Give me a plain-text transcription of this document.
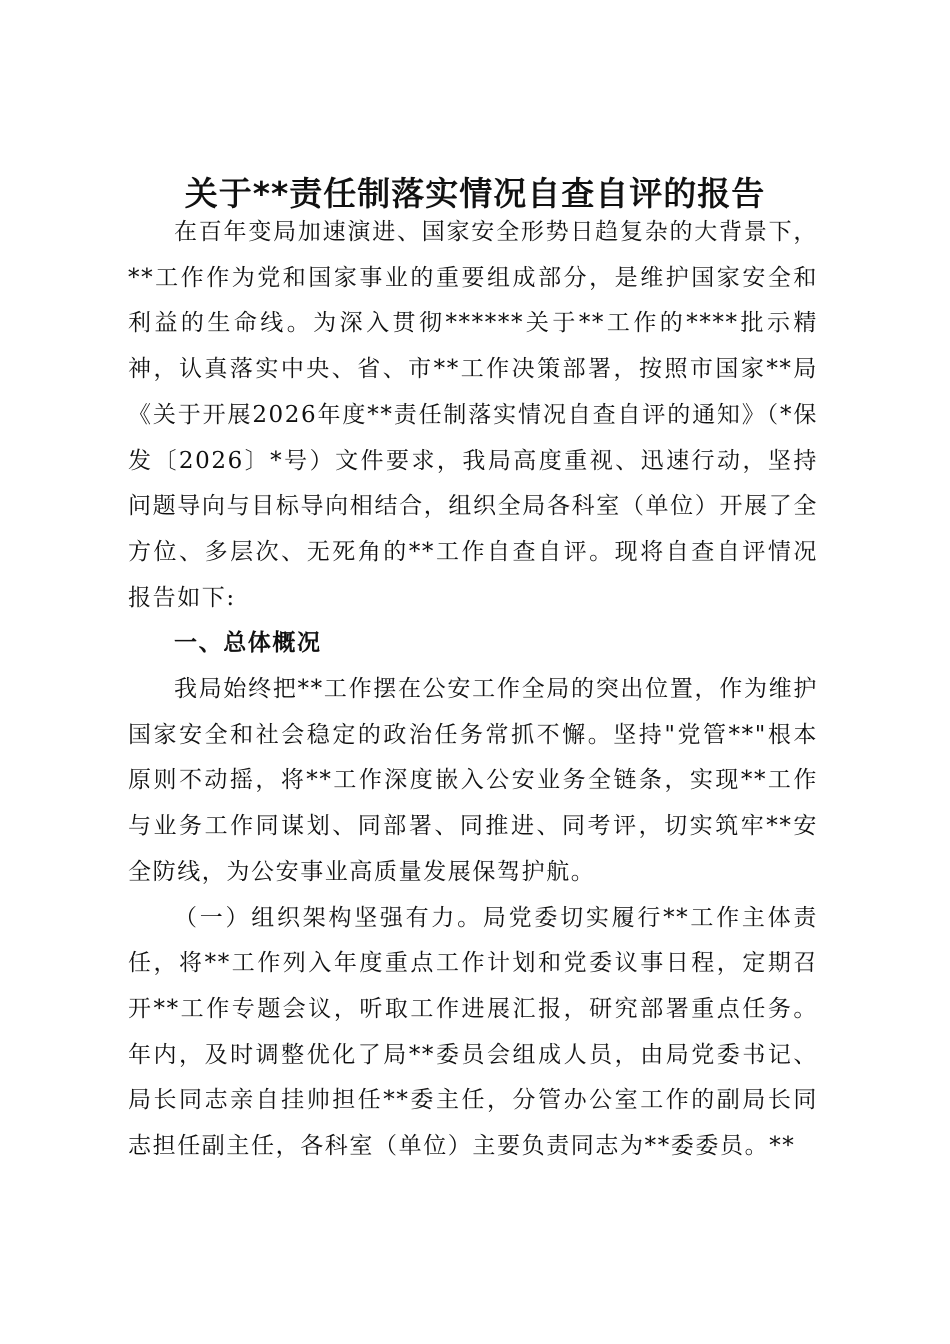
关于**责任制落实情况自查自评的报告

在百年变局加速演进、国家安全形势日趋复杂的大背景下，**工作作为党和国家事业的重要组成部分，是维护国家安全和利益的生命线。为深入贯彻******关于**工作的****批示精神，认真落实中央、省、市**工作决策部署，按照市国家**局《关于开展2026年度**责任制落实情况自查自评的通知》（*保发〔2026〕*号）文件要求，我局高度重视、迅速行动，坚持问题导向与目标导向相结合，组织全局各科室（单位）开展了全方位、多层次、无死角的**工作自查自评。现将自查自评情况报告如下:

一、总体概况

我局始终把**工作摆在公安工作全局的突出位置，作为维护国家安全和社会稳定的政治任务常抓不懈。坚持"党管**"根本原则不动摇，将**工作深度嵌入公安业务全链条，实现**工作与业务工作同谋划、同部署、同推进、同考评，切实筑牢**安全防线，为公安事业高质量发展保驾护航。

（一）组织架构坚强有力。局党委切实履行**工作主体责任，将**工作列入年度重点工作计划和党委议事日程，定期召开**工作专题会议，听取工作进展汇报，研究部署重点任务。年内，及时调整优化了局**委员会组成人员，由局党委书记、局长同志亲自挂帅担任**委主任，分管办公室工作的副局长同志担任副主任，各科室（单位）主要负责同志为**委委员。**
